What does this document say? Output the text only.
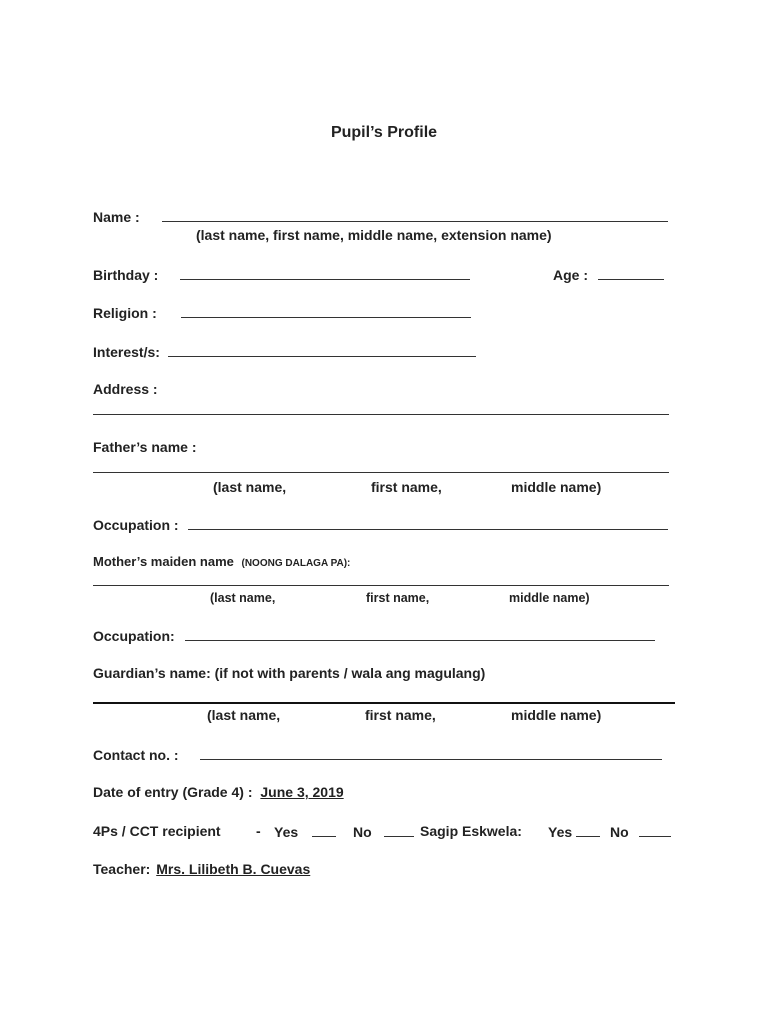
Pupil’s Profile
Name :
(last name, first name, middle name, extension name)
Birthday :	Age :
Religion :
Interest/s:
Address :
Father’s name :
(last name,	first name,	middle name)
Occupation :
Mother’s maiden name (NOONG DALAGA PA):
(last name,	first name,	middle name)
Occupation:
Guardian’s name: (if not with parents / wala ang magulang)
(last name,	first name,	middle name)
Contact no. :
Date of entry (Grade 4) : June 3, 2019
4Ps / CCT recipient	- Yes	No	Sagip Eskwela: Yes	No
Teacher: Mrs. Lilibeth B. Cuevas
